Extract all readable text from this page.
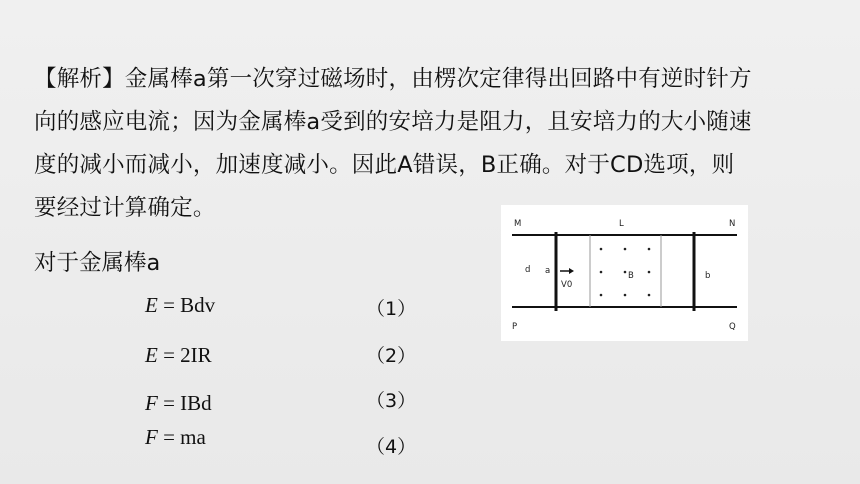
【解析】金属棒a第一次穿过磁场时，由楞次定律得出回路中有逆时针方
向的感应电流；因为金属棒a受到的安培力是阻力，且安培力的大小随速
度的减小而减小，加速度减小。因此A错误，B正确。对于CD选项，则
要经过计算确定。
对于金属棒a
E = Bdv	（1）
E = 2IR	（2）
F = IBd	（3）
F = ma	（4）
M	L	N
P	Q
d a
V0
B	b
